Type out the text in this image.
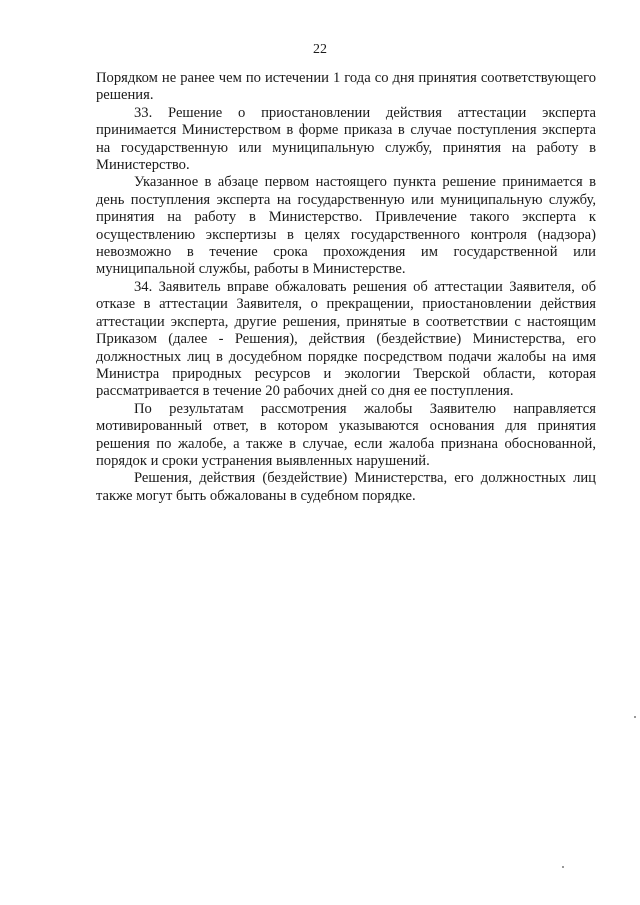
22

Порядком не ранее чем по истечении 1 года со дня принятия соответствующего решения.

33. Решение о приостановлении действия аттестации эксперта принимается Министерством в форме приказа в случае поступления эксперта на государственную или муниципальную службу, принятия на работу в Министерство.

Указанное в абзаце первом настоящего пункта решение принимается в день поступления эксперта на государственную или муниципальную службу, принятия на работу в Министерство. Привлечение такого эксперта к осуществлению экспертизы в целях государственного контроля (надзора) невозможно в течение срока прохождения им государственной или муниципальной службы, работы в Министерстве.

34. Заявитель вправе обжаловать решения об аттестации Заявителя, об отказе в аттестации Заявителя, о прекращении, приостановлении действия аттестации эксперта, другие решения, принятые в соответствии с настоящим Приказом (далее - Решения), действия (бездействие) Министерства, его должностных лиц в досудебном порядке посредством подачи жалобы на имя Министра природных ресурсов и экологии Тверской области, которая рассматривается в течение 20 рабочих дней со дня ее поступления.

По результатам рассмотрения жалобы Заявителю направляется мотивированный ответ, в котором указываются основания для принятия решения по жалобе, а также в случае, если жалоба признана обоснованной, порядок и сроки устранения выявленных нарушений.

Решения, действия (бездействие) Министерства, его должностных лиц также могут быть обжалованы в судебном порядке.
